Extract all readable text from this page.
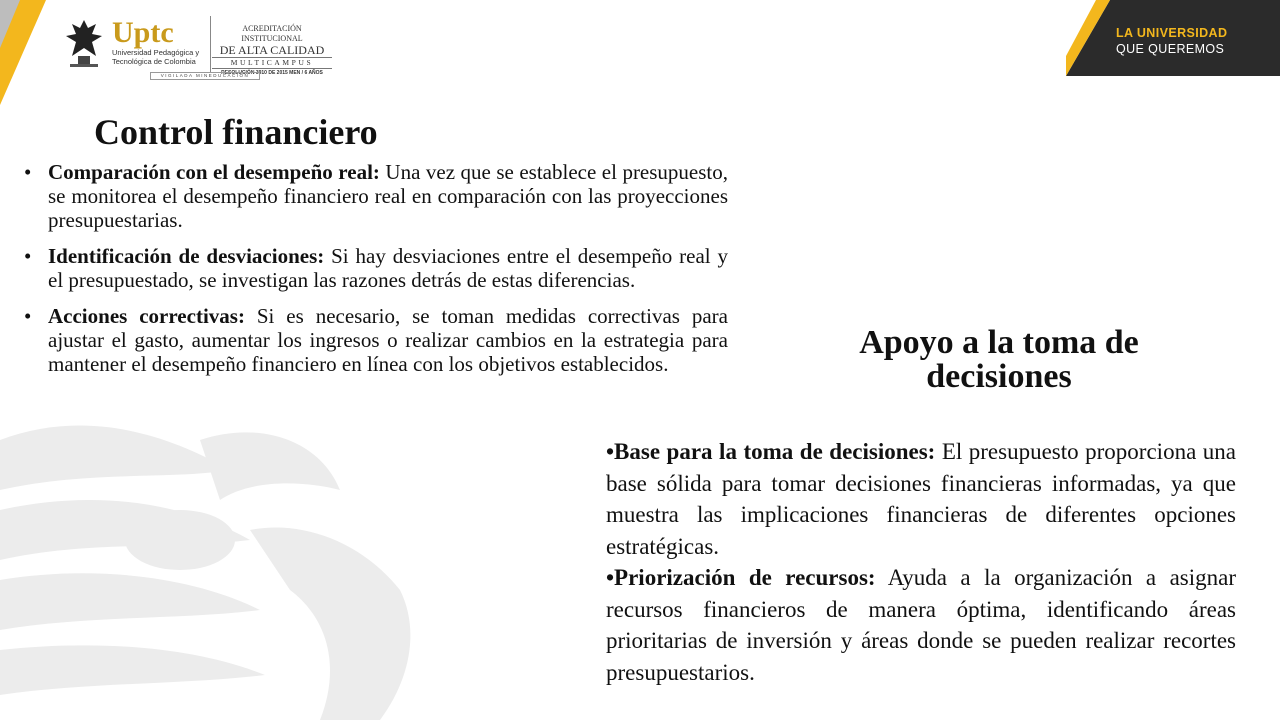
Uptc
Universidad Pedagógica y
Tecnológica de Colombia
ACREDITACIÓN INSTITUCIONAL
DE ALTA CALIDAD
MULTICAMPUS
RESOLUCIÓN 3910 DE 2015 MEN / 6 AÑOS
VIGILADA MINEDUCACIÓN
LA UNIVERSIDAD
QUE QUEREMOS
Control financiero
• Comparación con el desempeño real: Una vez que se establece el presupuesto, se monitorea el desempeño financiero real en comparación con las proyecciones presupuestarias.
• Identificación de desviaciones: Si hay desviaciones entre el desempeño real y el presupuestado, se investigan las razones detrás de estas diferencias.
• Acciones correctivas: Si es necesario, se toman medidas correctivas para ajustar el gasto, aumentar los ingresos o realizar cambios en la estrategia para mantener el desempeño financiero en línea con los objetivos establecidos.
Apoyo a la toma de decisiones

•Base para la toma de decisiones: El presupuesto proporciona una base sólida para tomar decisiones financieras informadas, ya que muestra las implicaciones financieras de diferentes opciones estratégicas.

•Priorización de recursos: Ayuda a la organización a asignar recursos financieros de manera óptima, identificando áreas prioritarias de inversión y áreas donde se pueden realizar recortes presupuestarios.
